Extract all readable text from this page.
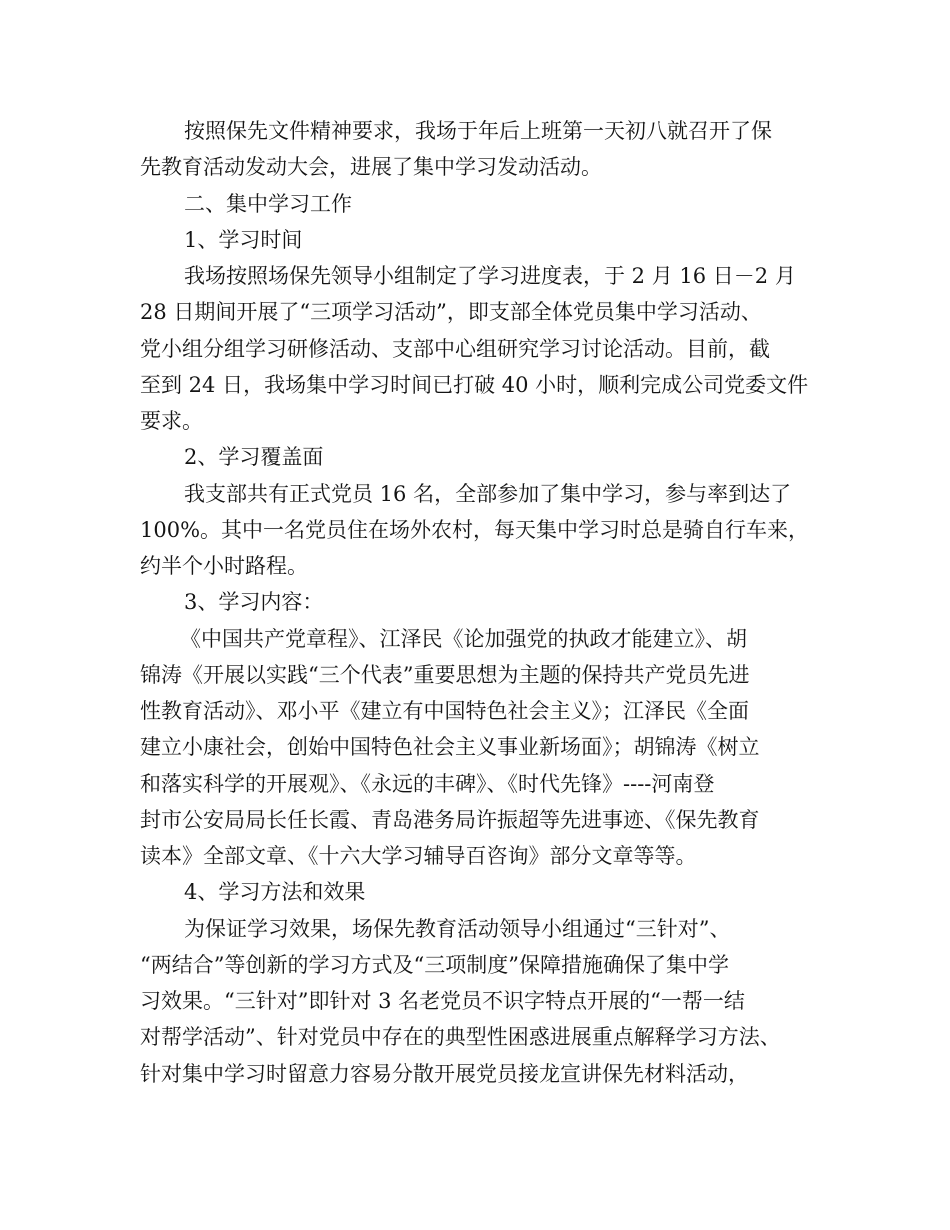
按照保先文件精神要求，我场于年后上班第一天初八就召开了保
先教育活动发动大会，进展了集中学习发动活动。
二、集中学习工作
1、学习时间
我场按照场保先领导小组制定了学习进度表，于 2 月 16 日－2 月
28 日期间开展了“三项学习活动”，即支部全体党员集中学习活动、
党小组分组学习研修活动、支部中心组研究学习讨论活动。目前，截
至到 24 日，我场集中学习时间已打破 40 小时，顺利完成公司党委文件
要求。
2、学习覆盖面
我支部共有正式党员 16 名，全部参加了集中学习，参与率到达了
100%。其中一名党员住在场外农村，每天集中学习时总是骑自行车来，
约半个小时路程。
3、学习内容：
《中国共产党章程》、江泽民《论加强党的执政才能建立》、胡
锦涛《开展以实践“三个代表”重要思想为主题的保持共产党员先进
性教育活动》、邓小平《建立有中国特色社会主义》；江泽民《全面
建立小康社会，创始中国特色社会主义事业新场面》；胡锦涛《树立
和落实科学的开展观》、《永远的丰碑》、《时代先锋》----河南登
封市公安局局长任长霞、青岛港务局许振超等先进事迹、《保先教育
读本》全部文章、《十六大学习辅导百咨询》部分文章等等。
4、学习方法和效果
为保证学习效果，场保先教育活动领导小组通过“三针对”、
“两结合”等创新的学习方式及“三项制度”保障措施确保了集中学
习效果。“三针对”即针对 3 名老党员不识字特点开展的“一帮一结
对帮学活动”、针对党员中存在的典型性困惑进展重点解释学习方法、
针对集中学习时留意力容易分散开展党员接龙宣讲保先材料活动，
